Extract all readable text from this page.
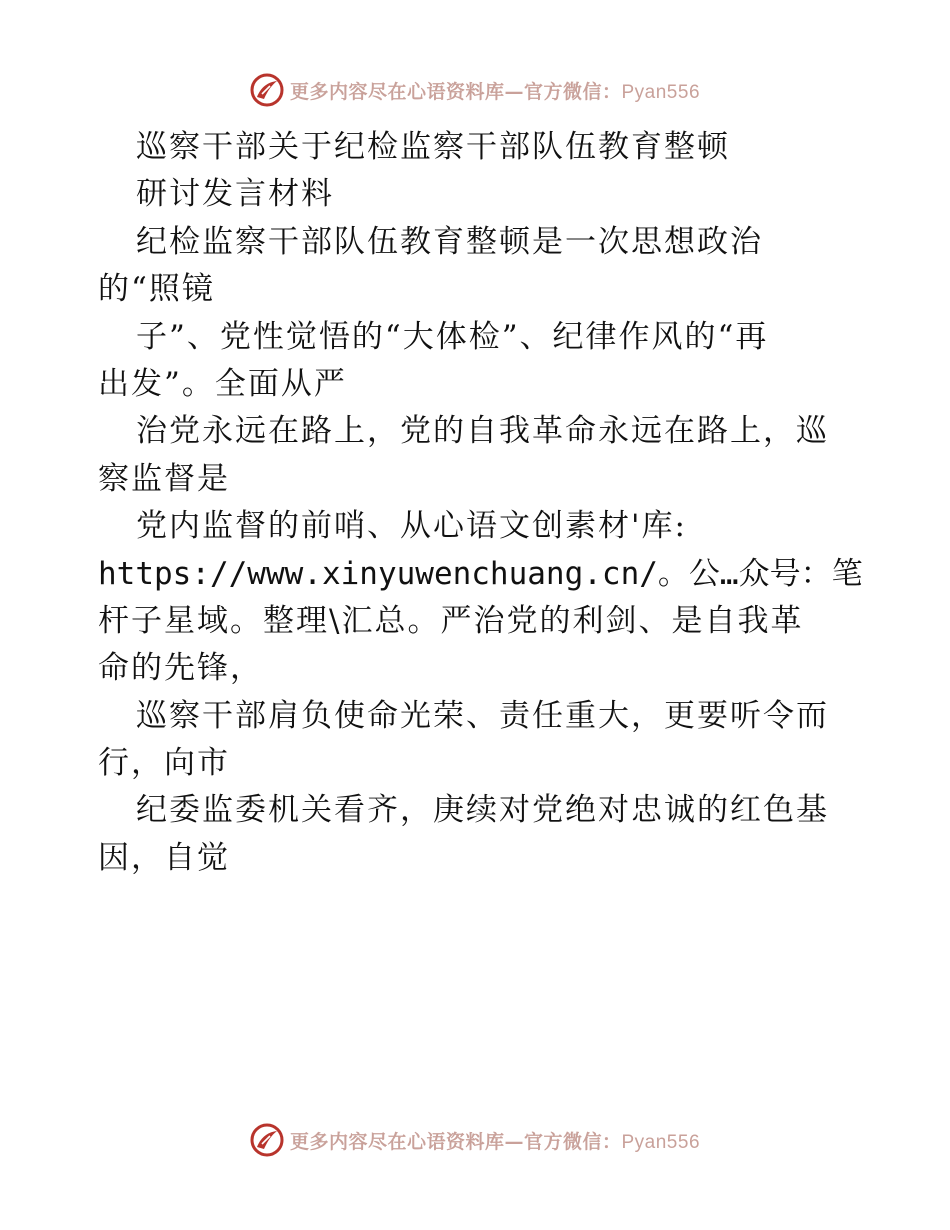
更多内容尽在心语资料库—官方微信：Pyan556
巡察干部关于纪检监察干部队伍教育整顿
研讨发言材料
纪检监察干部队伍教育整顿是一次思想政治
的“照镜
子”、党性觉悟的“大体检”、纪律作风的“再
出发”。全面从严
治党永远在路上，党的自我革命永远在路上，巡
察监督是
党内监督的前哨、从心语文创素材'库:
https://www.xinyuwenchuang.cn/。公…众号：笔
杆子星域。整理\汇总。严治党的利剑、是自我革
命的先锋，
巡察干部肩负使命光荣、责任重大，更要听令而
行，向市
纪委监委机关看齐，庚续对党绝对忠诚的红色基
因，自觉
更多内容尽在心语资料库—官方微信：Pyan556
